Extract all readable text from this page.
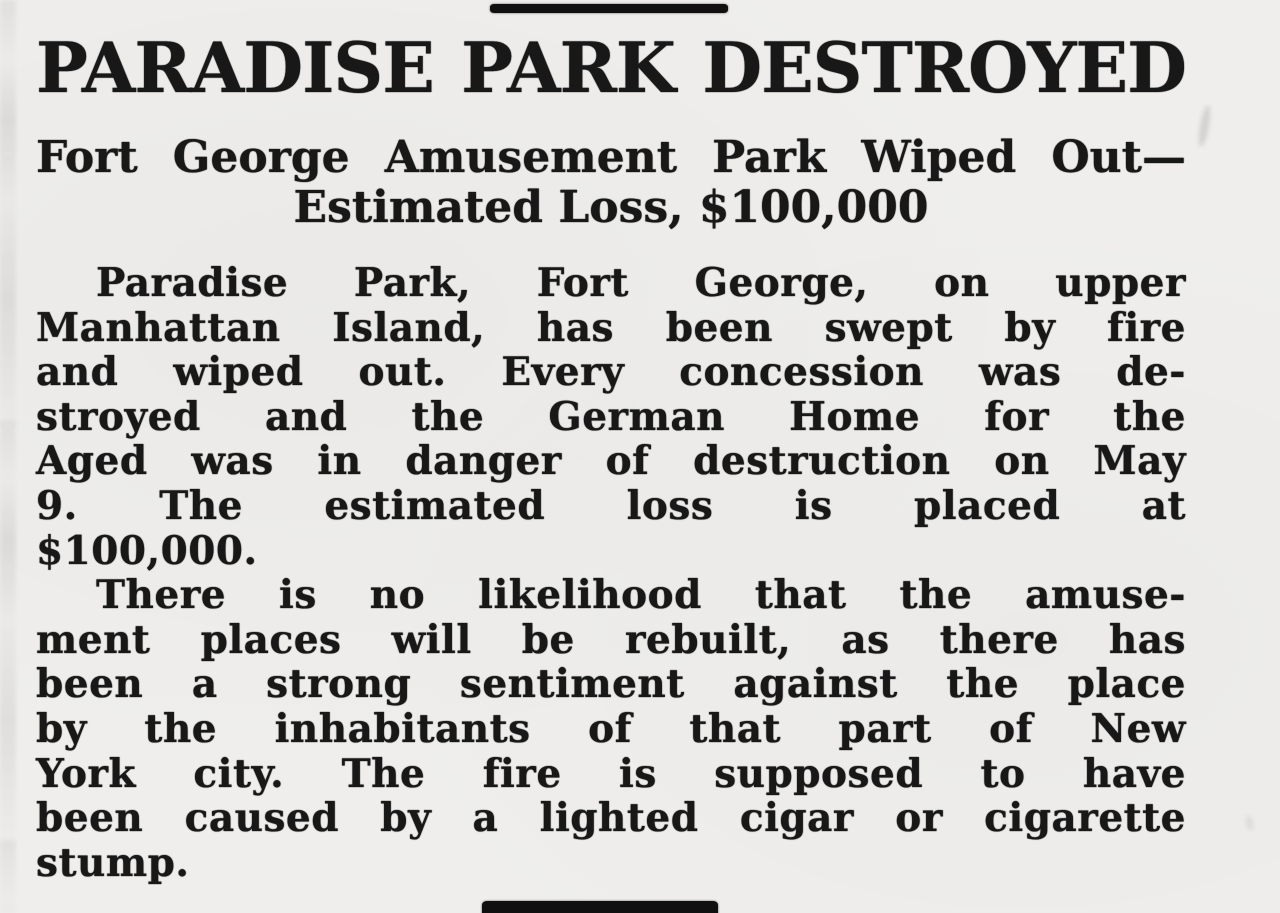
PARADISE PARK DESTROYED
Fort George Amusement Park Wiped Out—
Estimated Loss, $100,000
Paradise Park, Fort George, on upper
Manhattan Island, has been swept by fire
and wiped out. Every concession was de-
stroyed and the German Home for the
Aged was in danger of destruction on May
9. The estimated loss is placed at
$100,000.
There is no likelihood that the amuse-
ment places will be rebuilt, as there has
been a strong sentiment against the place
by the inhabitants of that part of New
York city. The fire is supposed to have
been caused by a lighted cigar or cigarette
stump.
